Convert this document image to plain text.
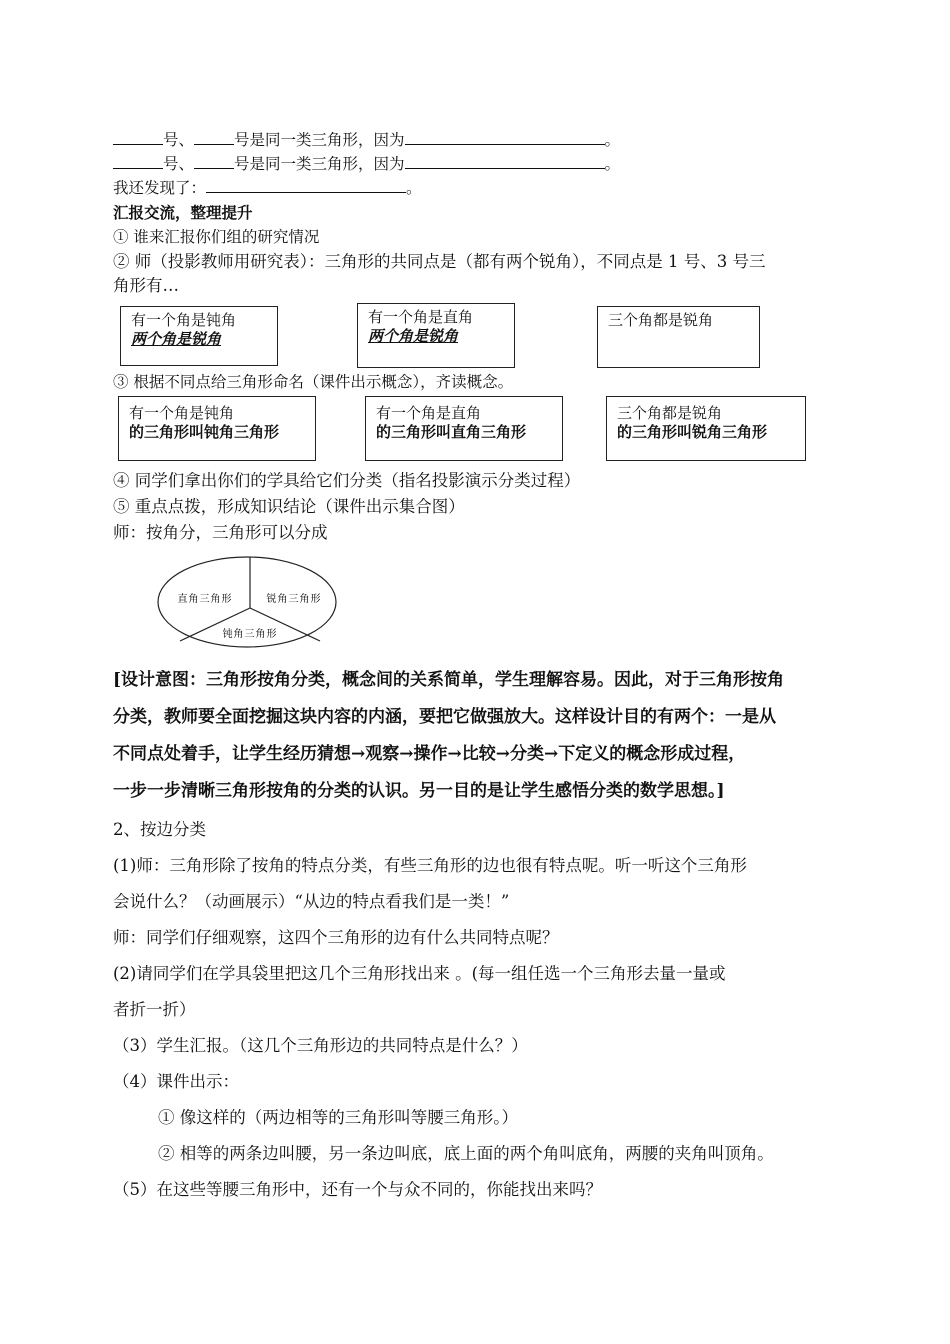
号、	号是同一类三角形，因为	。
号、	号是同一类三角形，因为	。
我还发现了：	。
汇报交流，整理提升
① 谁来汇报你们组的研究情况
② 师（投影教师用研究表）：三角形的共同点是（都有两个锐角），不同点是 1 号、3 号三
角形有…
有一个角是钝角
两个角是锐角
有一个角是直角
两个角是锐角
三个角都是锐角
③ 根据不同点给三角形命名（课件出示概念），齐读概念。
有一个角是钝角
的三角形叫钝角三角形
有一个角是直角
的三角形叫直角三角形
三个角都是锐角
的三角形叫锐角三角形
④ 同学们拿出你们的学具给它们分类（指名投影演示分类过程）
⑤ 重点点拨，形成知识结论（课件出示集合图）
师：按角分，三角形可以分成
直角三角形	锐角三角形
钝角三角形
[设计意图：三角形按角分类，概念间的关系简单，学生理解容易。因此，对于三角形按角
分类，教师要全面挖掘这块内容的内涵，要把它做强放大。这样设计目的有两个：一是从
不同点处着手，让学生经历猜想→观察→操作→比较→分类→下定义的概念形成过程，
一步一步清晰三角形按角的分类的认识。另一目的是让学生感悟分类的数学思想。]
2、按边分类
(1)师：三角形除了按角的特点分类，有些三角形的边也很有特点呢。听一听这个三角形
会说什么？（动画展示）“从边的特点看我们是一类！”
师：同学们仔细观察，这四个三角形的边有什么共同特点呢？
(2)请同学们在学具袋里把这几个三角形找出来 。(每一组任选一个三角形去量一量或
者折一折）
（3）学生汇报。（这几个三角形边的共同特点是什么？）
（4）课件出示：
① 像这样的（两边相等的三角形叫等腰三角形。）
② 相等的两条边叫腰，另一条边叫底，底上面的两个角叫底角，两腰的夹角叫顶角。
（5）在这些等腰三角形中，还有一个与众不同的，你能找出来吗？
